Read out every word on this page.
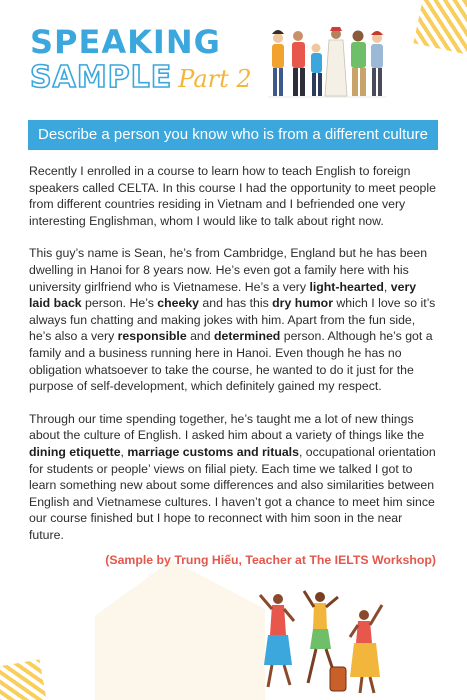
SPEAKING
SAMPLE Part 2
Describe a person you know who is from a different culture

Recently I enrolled in a course to learn how to teach English to foreign speakers called CELTA. In this course I had the opportunity to meet people from different countries residing in Vietnam and I befriended one very interesting Englishman, whom I would like to talk about right now.

This guy’s name is Sean, he’s from Cambridge, England but he has been dwelling in Hanoi for 8 years now. He’s even got a family here with his university girlfriend who is Vietnamese. He’s a very light-hearted, very laid back person. He’s cheeky and has this dry humor which I love so it’s always fun chatting and making jokes with him. Apart from the fun side, he’s also a very responsible and determined person. Although he’s got a family and a business running here in Hanoi. Even though he has no obligation whatsoever to take the course, he wanted to do it just for the purpose of self-development, which definitely gained my respect.

Through our time spending together, he’s taught me a lot of new things about the culture of English. I asked him about a variety of things like the dining etiquette, marriage customs and rituals, occupational orientation for students or people’ views on filial piety. Each time we talked I got to learn something new about some differences and also similarities between English and Vietnamese cultures. I haven’t got a chance to meet him since our course finished but I hope to reconnect with him soon in the near future.

(Sample by Trung Hiếu, Teacher at The IELTS Workshop)
